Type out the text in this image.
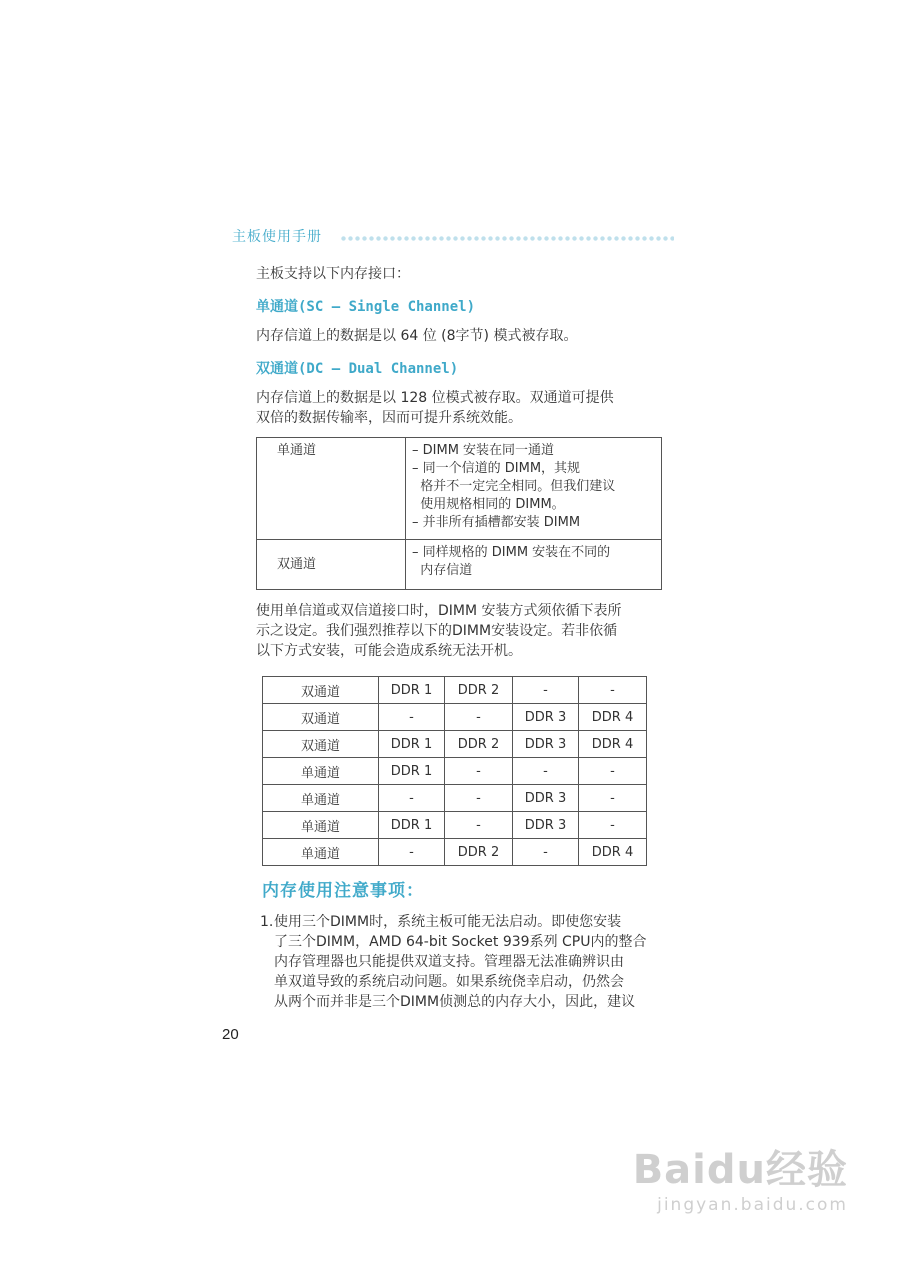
主板使用手册
主板支持以下内存接口：
单通道(SC – Single Channel)
内存信道上的数据是以 64 位 (8字节) 模式被存取。
双通道(DC – Dual Channel)
内存信道上的数据是以 128 位模式被存取。双通道可提供
双倍的数据传输率，因而可提升系统效能。
单通道	– DIMM 安装在同一通道
– 同一个信道的 DIMM，其规
格并不一定完全相同。但我们建议
使用规格相同的 DIMM。
– 并非所有插槽都安装 DIMM

双通道	– 同样规格的 DIMM 安装在不同的
内存信道
使用单信道或双信道接口时，DIMM 安装方式须依循下表所
示之设定。我们强烈推荐以下的DIMM安装设定。若非依循
以下方式安装，可能会造成系统无法开机。
双通道	DDR 1	DDR 2	-	-
双通道	-	-	DDR 3	DDR 4
双通道	DDR 1	DDR 2	DDR 3	DDR 4
单通道	DDR 1	-	-	-
单通道	-	-	DDR 3	-
单通道	DDR 1	-	DDR 3	-
单通道	-	DDR 2	-	DDR 4
内存使用注意事项：
1. 使用三个DIMM时，系统主板可能无法启动。即使您安装
了三个DIMM，AMD 64-bit Socket 939系列 CPU内的整合
内存管理器也只能提供双道支持。管理器无法准确辨识由
单双道导致的系统启动问题。如果系统侥幸启动，仍然会
从两个而并非是三个DIMM侦测总的内存大小，因此，建议
20
Baidu经验
jingyan.baidu.com
